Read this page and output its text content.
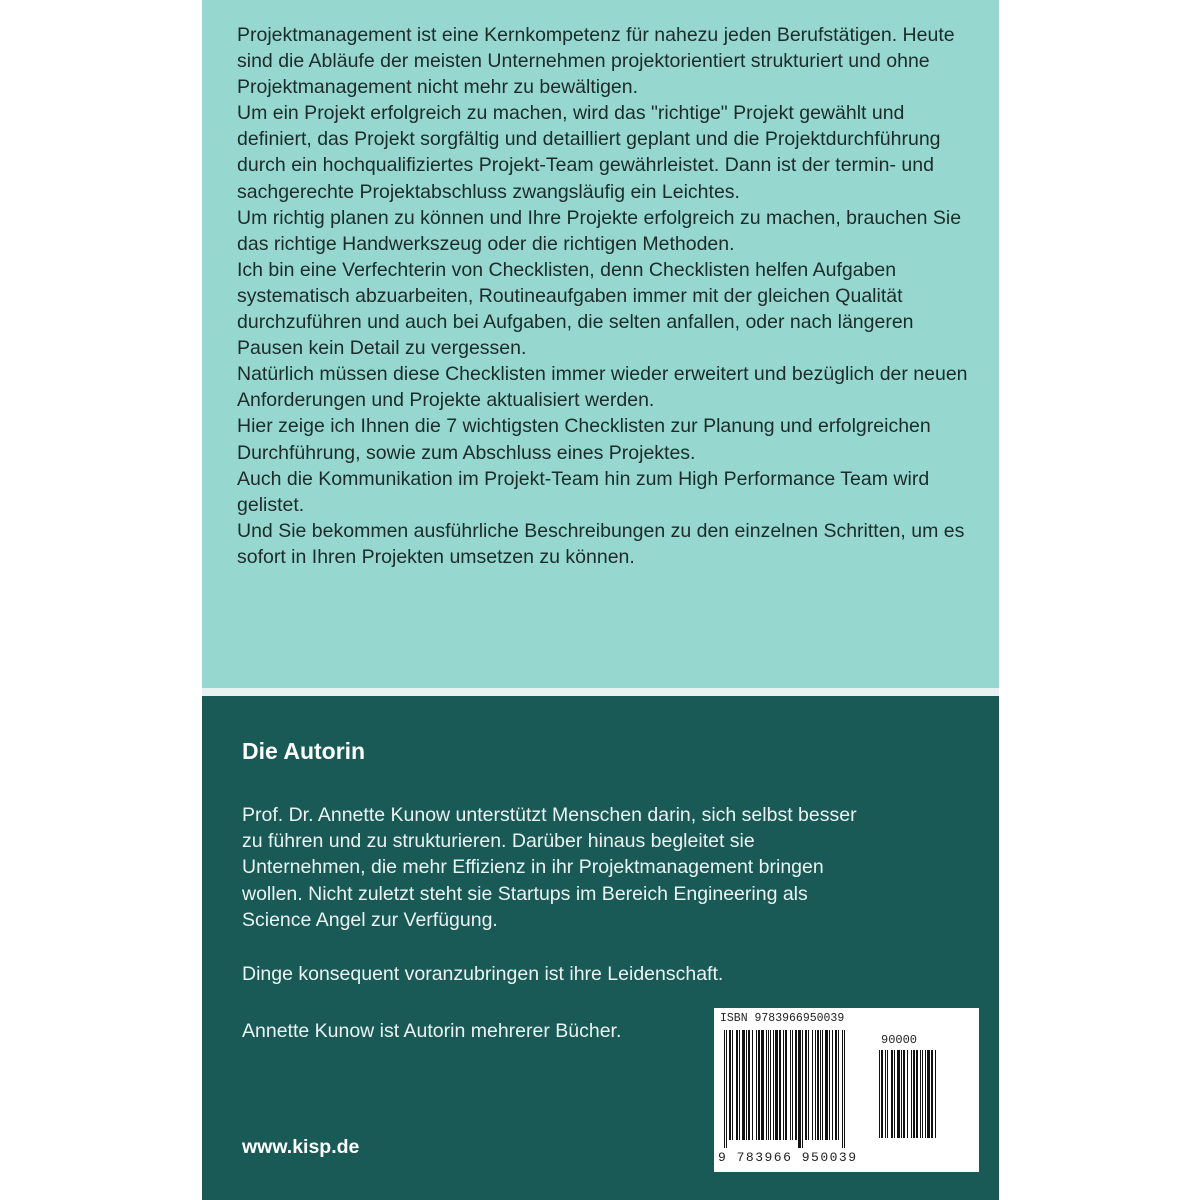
Projektmanagement ist eine Kernkompetenz für nahezu jeden Berufstätigen. Heute sind die Abläufe der meisten Unternehmen projektorientiert strukturiert und ohne Projektmanagement nicht mehr zu bewältigen.

Um ein Projekt erfolgreich zu machen, wird das "richtige" Projekt gewählt und definiert, das Projekt sorgfältig und detailliert geplant und die Projektdurchführung durch ein hochqualifiziertes Projekt-Team gewährleistet. Dann ist der termin- und sachgerechte Projektabschluss zwangsläufig ein Leichtes.

Um richtig planen zu können und Ihre Projekte erfolgreich zu machen, brauchen Sie das richtige Handwerkszeug oder die richtigen Methoden.

Ich bin eine Verfechterin von Checklisten, denn Checklisten helfen Aufgaben systematisch abzuarbeiten, Routineaufgaben immer mit der gleichen Qualität durchzuführen und auch bei Aufgaben, die selten anfallen, oder nach längeren Pausen kein Detail zu vergessen.

Natürlich müssen diese Checklisten immer wieder erweitert und bezüglich der neuen Anforderungen und Projekte aktualisiert werden.

Hier zeige ich Ihnen die 7 wichtigsten Checklisten zur Planung und erfolgreichen Durchführung, sowie zum Abschluss eines Projektes.

Auch die Kommunikation im Projekt-Team hin zum High Performance Team wird gelistet.

Und Sie bekommen ausführliche Beschreibungen zu den einzelnen Schritten, um es sofort in Ihren Projekten umsetzen zu können.

Die Autorin

Prof. Dr. Annette Kunow unterstützt Menschen darin, sich selbst besser zu führen und zu strukturieren. Darüber hinaus begleitet sie Unternehmen, die mehr Effizienz in ihr Projektmanagement bringen wollen. Nicht zuletzt steht sie Startups im Bereich Engineering als Science Angel zur Verfügung.

Dinge konsequent voranzubringen ist ihre Leidenschaft.

Annette Kunow ist Autorin mehrerer Bücher.

www.kisp.de

ISBN 9783966950039

90000

9 783966 950039
